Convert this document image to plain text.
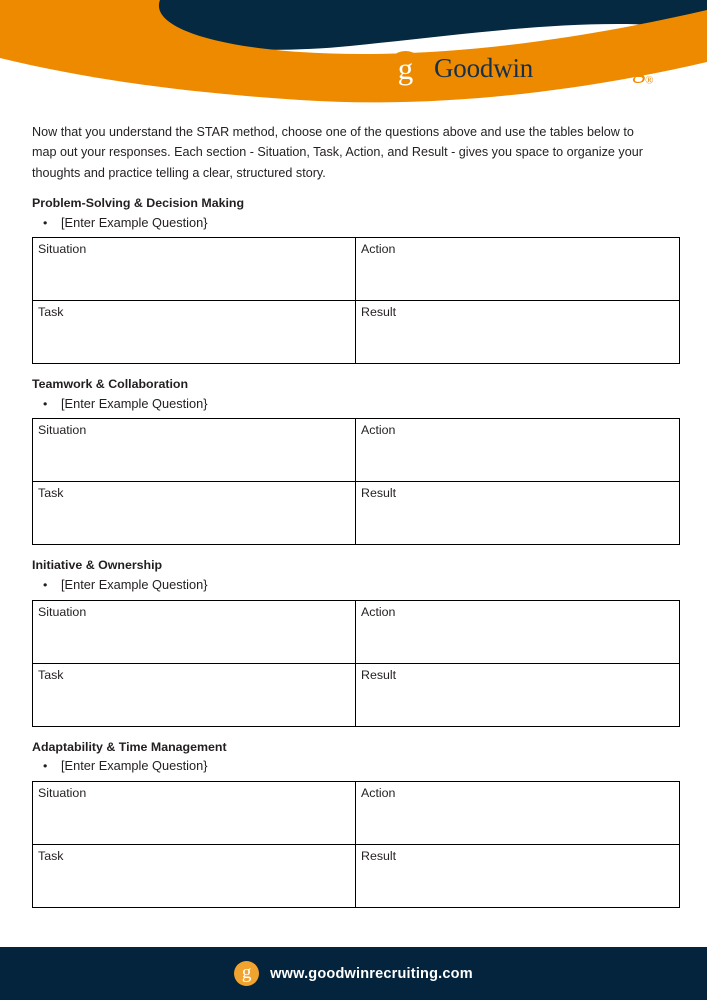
g GoodwinRecruiting$_®$

Now that you understand the STAR method, choose one of the questions above and use the tables below to map out your responses. Each section - Situation, Task, Action, and Result - gives you space to organize your thoughts and practice telling a clear, structured story.

Problem-Solving & Decision Making
•	[Enter Example Question}
Situation	Action
Task	Result
Teamwork & Collaboration
•	[Enter Example Question}
Situation	Action
Task	Result
Initiative & Ownership
•	[Enter Example Question}
Situation	Action
Task	Result
Adaptability & Time Management
•	[Enter Example Question}
Situation	Action
Task	Result
g www.goodwinrecruiting.com
